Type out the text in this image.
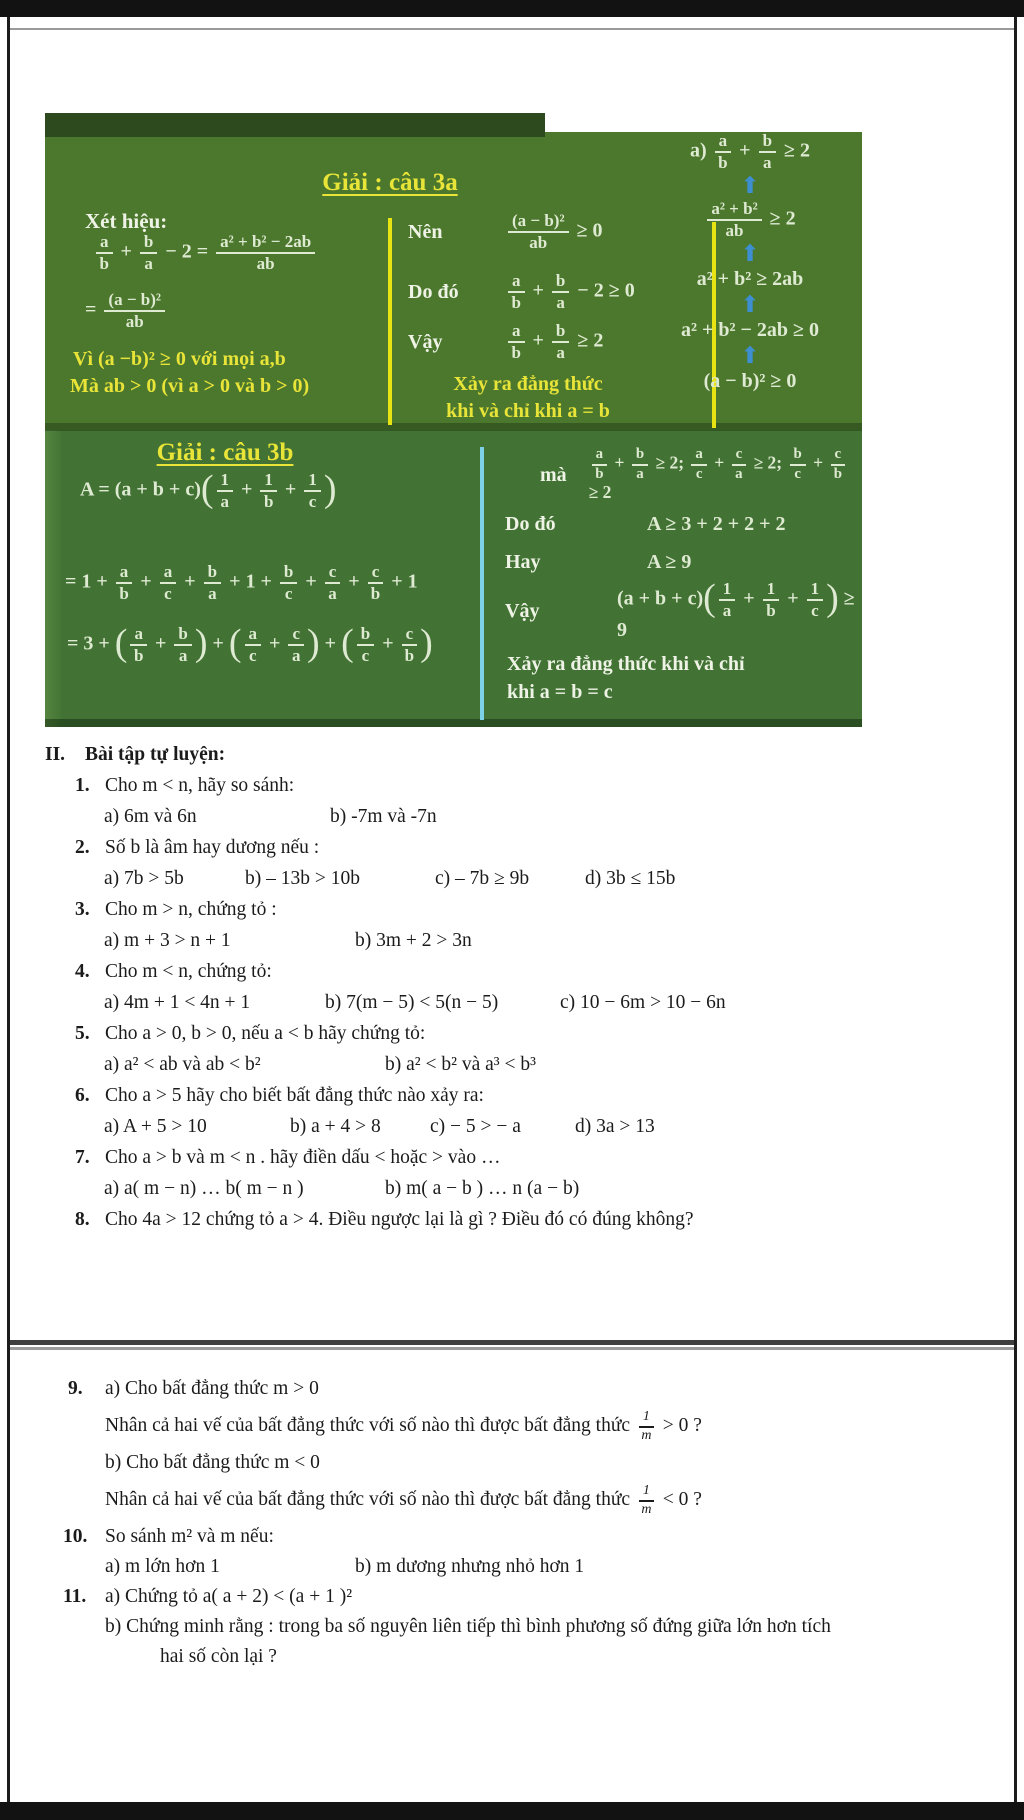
Giải : câu 3a
Xét hiệu:
$\frac{a}{b} + \frac{b}{a} - 2 = \frac{\text{a² + b² − 2ab}}{ab}$
= $\frac{\text{(a − b)²}}{ab}$
Vì (a −b)² ≥ 0 với mọi a,b
Mà ab > 0 (vì a > 0 và b > 0)
Nên	$\frac{\text{(a − b)²}}{ab} \ge 0$
Do đó	$\frac{a}{b} + \frac{b}{a} - 2 \ge 0$
Vậy	$\frac{a}{b} + \frac{b}{a} \ge 2$
Xảy ra đẳng thức
khi và chỉ khi a = b
$a) \frac{a}{b} + \frac{b}{a} \ge 2$
⬆
$\frac{\text{a² + b²}}{ab} \ge 2$
⬆
a² + b² ≥ 2ab
⬆
a² + b² − 2ab ≥ 0
⬆
(a − b)² ≥ 0
Giải : câu 3b
$A = (a + b + c)( \frac{1}{a} + \frac{1}{b} + \frac{1}{c}$ )
= $1 + \frac{a}{b} + \frac{a}{c} + \frac{b}{a} + 1 + \frac{b}{c} + \frac{c}{a} + \frac{c}{b} + 1$
= 3 + ( $\frac{a}{b} + \frac{b}{a}$ ) + ( $\frac{a}{c} + \frac{c}{a}$ ) + ( $\frac{b}{c} + \frac{c}{b}$ )
mà $\frac{a}{b} + \frac{b}{a} \ge 2$; $\frac{a}{c} + \frac{c}{a} \ge 2$; $\frac{b}{c} + \frac{c}{b}$
≥ 2
Do đó	A ≥ 3 + 2 + 2 + 2
Hay	A ≥ 9
Vậy
$(a + b + c)( \frac{1}{a} + \frac{1}{b} + \frac{1}{c}$ ) ≥ 9
Xảy ra đẳng thức khi và chỉ
khi a = b = c
II. Bài tập tự luyện:
1. Cho m < n, hãy so sánh:
a) 6m và 6n	b) -7m và -7n
2. Số b là âm hay dương nếu :
a) 7b > 5b	b) – 13b > 10b	c) – 7b ≥ 9b	d) 3b ≤ 15b
3. Cho m > n, chứng tỏ :
a) m + 3 > n + 1	b) 3m + 2 > 3n
4. Cho m < n, chứng tỏ:
a) 4m + 1 < 4n + 1	b) 7(m − 5) < 5(n − 5)	c) 10 − 6m > 10 − 6n
5. Cho a > 0, b > 0, nếu a < b hãy chứng tỏ:
a) a² < ab và ab < b²	b) a² < b² và a³ < b³
6. Cho a > 5 hãy cho biết bất đẳng thức nào xảy ra:
a) A + 5 > 10	b) a + 4 > 8	c) − 5 > − a	d) 3a > 13
7. Cho a > b và m < n . hãy điền dấu < hoặc > vào …
a) a( m − n) … b( m − n )	b) m( a − b ) … n (a − b)
8. Cho 4a > 12 chứng tỏ a > 4. Điều ngược lại là gì ? Điều đó có đúng không?
9. a) Cho bất đẳng thức m > 0
Nhân cả hai vế của bất đẳng thức với số nào thì được bất đẳng thức $\frac{1}{m} > 0$ ?
b) Cho bất đẳng thức m < 0
Nhân cả hai vế của bất đẳng thức với số nào thì được bất đẳng thức $\frac{1}{m} < 0$ ?
10. So sánh m² và m nếu:
a) m lớn hơn 1	b) m dương nhưng nhỏ hơn 1
11. a) Chứng tỏ a( a + 2) < (a + 1 )²
b) Chứng minh rằng : trong ba số nguyên liên tiếp thì bình phương số đứng giữa lớn hơn tích
hai số còn lại ?
